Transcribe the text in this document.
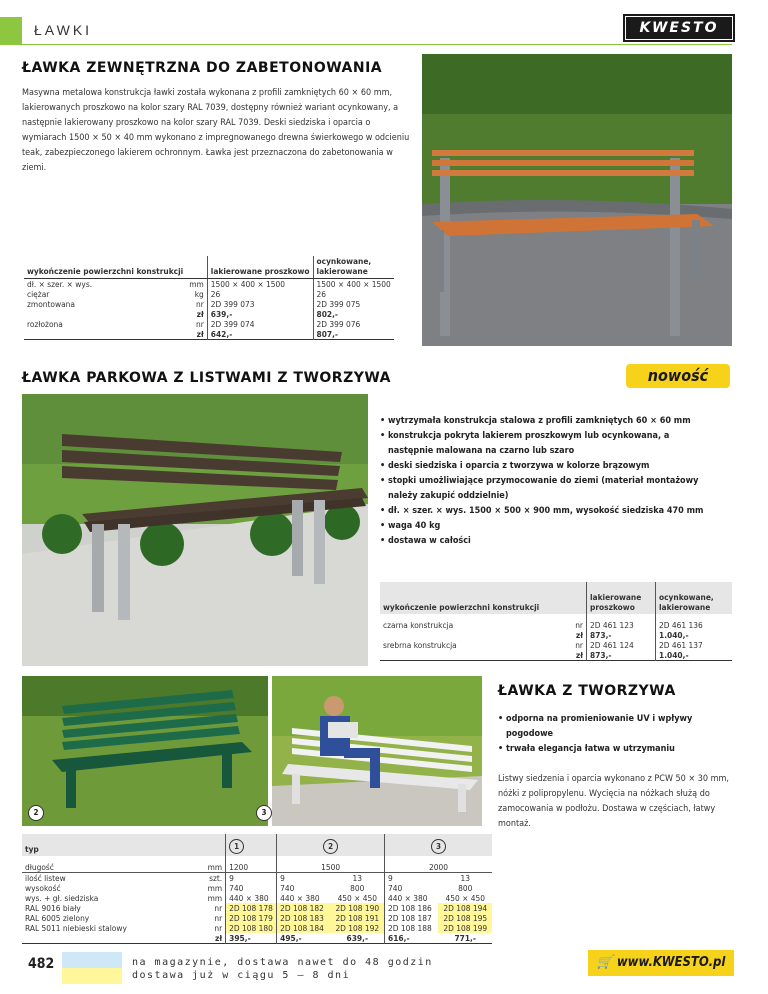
ŁAWKI	KWESTO
ŁAWKA ZEWNĘTRZNA DO ZABETONOWANIA
Masywna metalowa konstrukcja ławki została wykonana z profili zamkniętych 60 × 60 mm, lakierowanych proszkowo na kolor szary RAL 7039, dostępny również wariant ocynkowany, a następnie lakierowany proszkowo na kolor szary RAL 7039. Deski siedziska i oparcia o wymiarach 1500 × 50 × 40 mm wykonano z impregnowanego drewna świerkowego w odcieniu teak, zabezpieczonego lakierem ochronnym. Ławka jest przeznaczona do zabetonowania w ziemi.
wykończenie powierzchni konstrukcji		lakierowane proszkowo	ocynkowane, lakierowane
dł. × szer. × wys.	mm	1500 × 400 × 1500	1500 × 400 × 1500
ciężar	kg	26	26
zmontowana	nr	2D 399 073	2D 399 075
	zł	639,-	802,-
rozłożona	nr	2D 399 074	2D 399 076
	zł	642,-	807,-
ŁAWKA PARKOWA Z LISTWAMI Z TWORZYWA	nowość
• wytrzymała konstrukcja stalowa z profili zamkniętych 60 × 60 mm
• konstrukcja pokryta lakierem proszkowym lub ocynkowana, a następnie malowana na czarno lub szaro
• deski siedziska i oparcia z tworzywa w kolorze brązowym
• stopki umożliwiające przymocowanie do ziemi (materiał montażowy należy zakupić oddzielnie)
• dł. × szer. × wys. 1500 × 500 × 900 mm, wysokość siedziska 470 mm
• waga 40 kg
• dostawa w całości
wykończenie powierzchni konstrukcji		lakierowane proszkowo	ocynkowane, lakierowane
czarna konstrukcja	nr	2D 461 123	2D 461 136
	zł	873,-	1.040,-
srebrna konstrukcja	nr	2D 461 124	2D 461 137
	zł	873,-	1.040,-
2	3
ŁAWKA Z TWORZYWA
• odporna na promieniowanie UV i wpływy pogodowe
• trwała elegancja łatwa w utrzymaniu
Listwy siedzenia i oparcia wykonano z PCW 50 × 30 mm, nóżki z polipropylenu. Wycięcia na nóżkach służą do zamocowania w podłożu. Dostawa w częściach, łatwy montaż.
typ		1	2		3	
długość	mm	1200	1500		2000	
ilość listew	szt.	9	9	13	9	13
wysokość	mm	740	740	800	740	800
wys. + gł. siedziska	mm	440 × 380	440 × 380	450 × 450	440 × 380	450 × 450
RAL 9016 biały	nr	2D 108 178	2D 108 182	2D 108 190	2D 108 186	2D 108 194
RAL 6005 zielony	nr	2D 108 179	2D 108 183	2D 108 191	2D 108 187	2D 108 195
RAL 5011 niebieski stalowy	nr	2D 108 180	2D 108 184	2D 108 192	2D 108 188	2D 108 199
	zł	395,-	495,-	639,-	616,-	771,-
482	na magazynie, dostawa nawet do 48 godzin
dostawa już w ciągu 5 – 8 dni
🛒 www.KWESTO.pl
